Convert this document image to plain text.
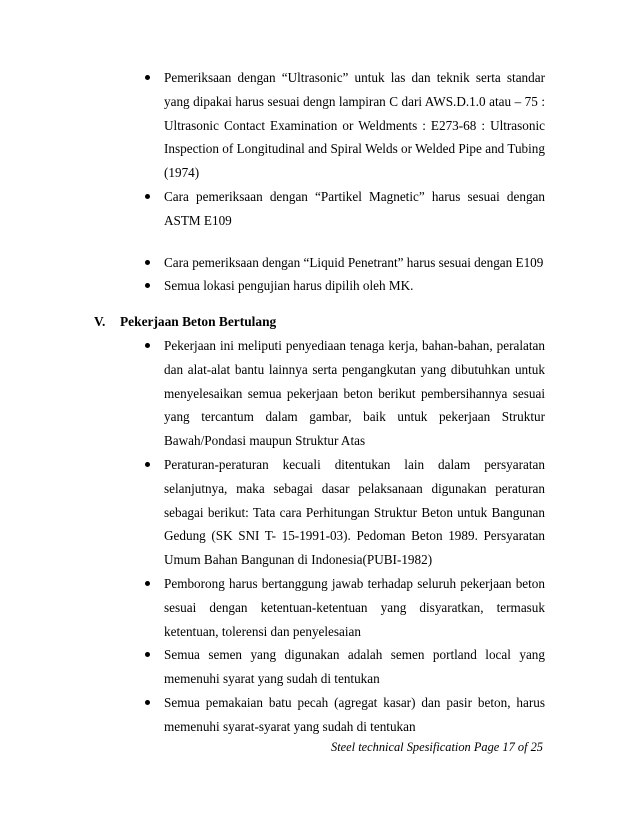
Pemeriksaan dengan “Ultrasonic” untuk las dan teknik serta standar yang dipakai harus sesuai dengn lampiran C dari AWS.D.1.0 atau – 75 : Ultrasonic Contact Examination or Weldments : E273-68 : Ultrasonic Inspection of Longitudinal and Spiral Welds or Welded Pipe and Tubing (1974)
Cara pemeriksaan dengan “Partikel Magnetic” harus sesuai dengan ASTM E109
Cara pemeriksaan dengan “Liquid Penetrant” harus sesuai dengan E109
Semua lokasi pengujian harus dipilih oleh MK.
V. Pekerjaan Beton Bertulang
Pekerjaan ini meliputi penyediaan tenaga kerja, bahan-bahan, peralatan dan alat-alat bantu lainnya serta pengangkutan yang dibutuhkan untuk menyelesaikan semua pekerjaan beton berikut pembersihannya sesuai yang tercantum dalam gambar, baik untuk pekerjaan Struktur Bawah/Pondasi maupun Struktur Atas
Peraturan-peraturan kecuali ditentukan lain dalam persyaratan selanjutnya, maka sebagai dasar pelaksanaan digunakan peraturan sebagai berikut: Tata cara Perhitungan Struktur Beton untuk Bangunan Gedung (SK SNI T- 15-1991-03). Pedoman Beton 1989. Persyaratan Umum Bahan Bangunan di Indonesia(PUBI-1982)
Pemborong harus bertanggung jawab terhadap seluruh pekerjaan beton sesuai dengan ketentuan-ketentuan yang disyaratkan, termasuk ketentuan, tolerensi dan penyelesaian
Semua semen yang digunakan adalah semen portland local yang memenuhi syarat yang sudah di tentukan
Semua pemakaian batu pecah (agregat kasar) dan pasir beton, harus memenuhi syarat-syarat yang sudah di tentukan
Steel technical Spesification Page 17 of 25
